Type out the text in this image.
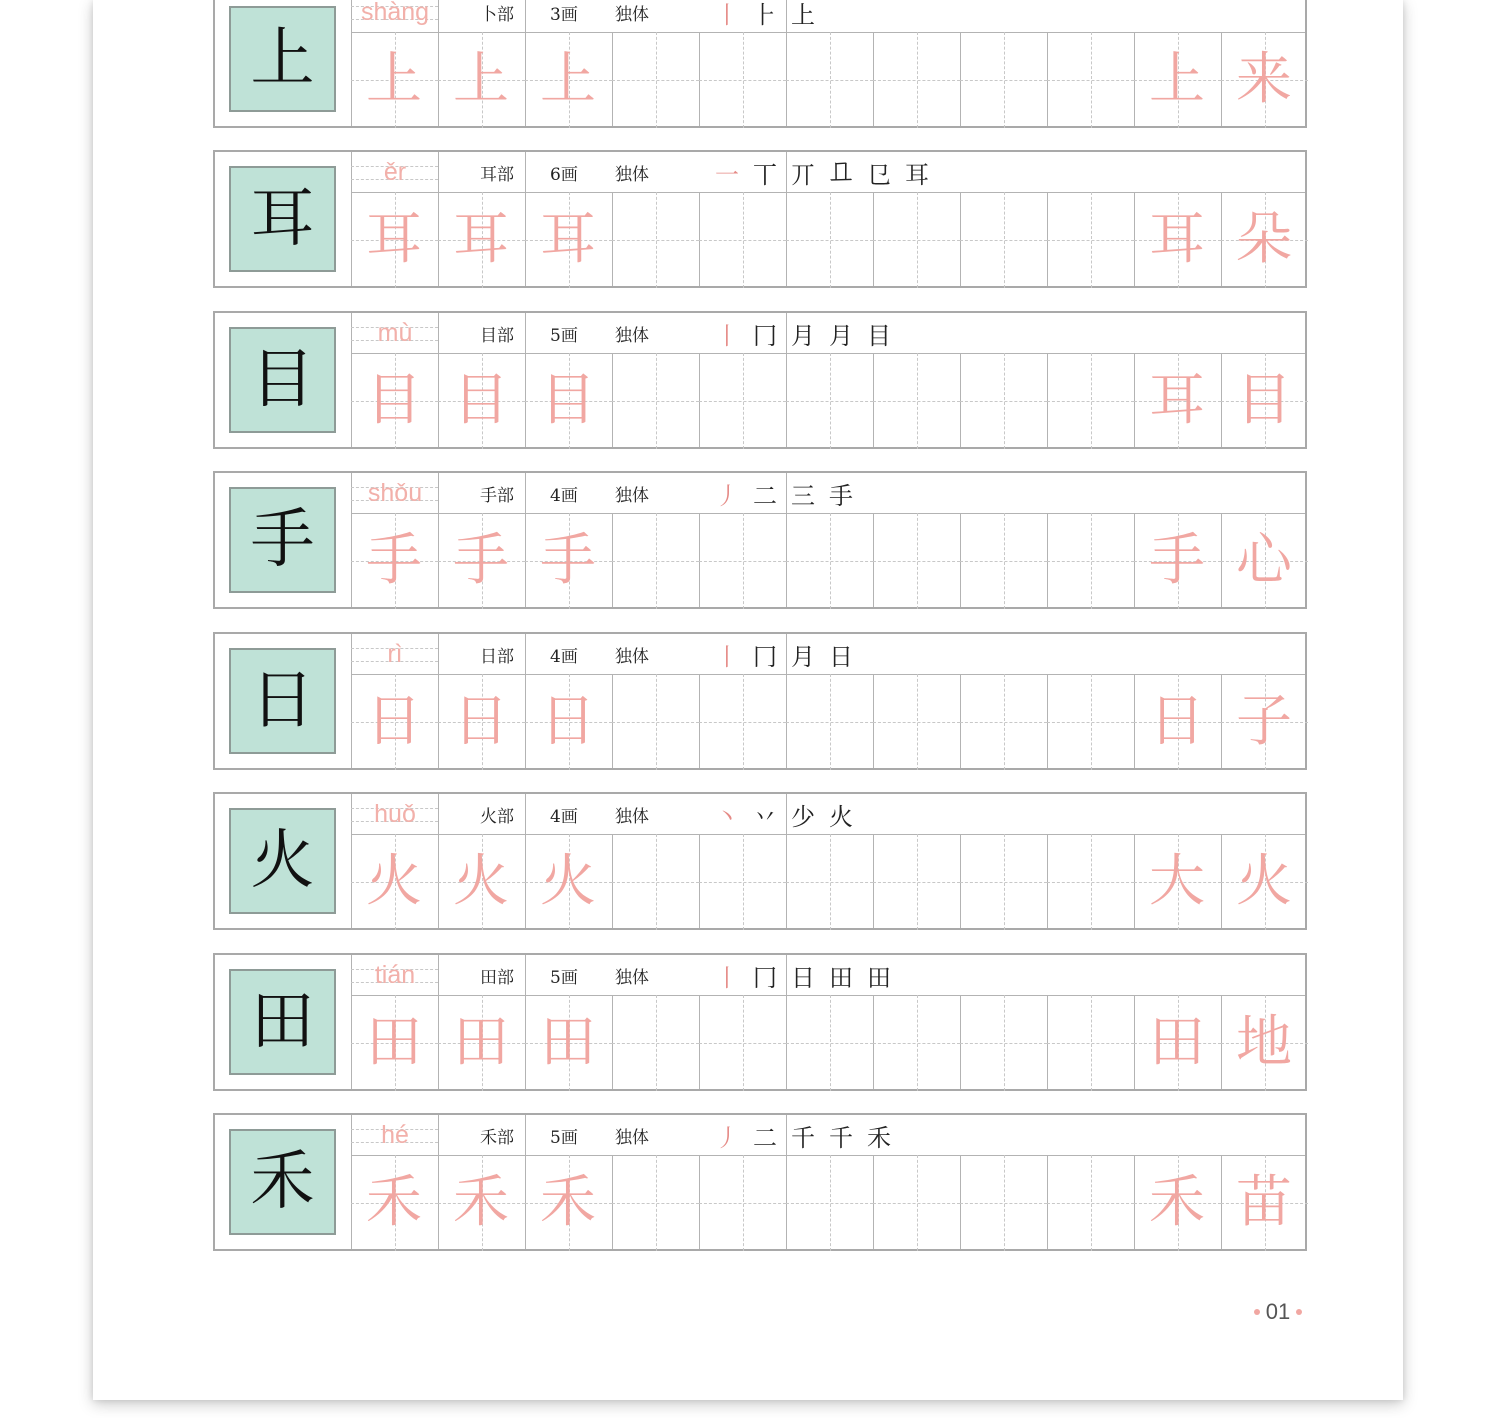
上
shàng	卜部 3画 独体	丨 ⺊ 上
上 上 上	上 来
耳
ěr	耳部 6画 独体	一 丅 丌 𠀃 㔾 耳
耳 耳 耳	耳 朵
目
mù	目部 5画 独体	丨 冂 月 月 目
目 目 目	耳 目
手
shǒu	手部 4画 独体	丿 二 三 手
手 手 手	手 心
日
rì	日部 4画 独体	丨 冂 月 日
日 日 日	日 子
火
huǒ	火部 4画 独体	丶 丷 少 火
火 火 火	大 火
田
tián	田部 5画 独体	丨 冂 日 田 田
田 田 田	田 地
禾
hé	禾部 5画 独体	丿 二 千 千 禾
禾 禾 禾	禾 苗
01
